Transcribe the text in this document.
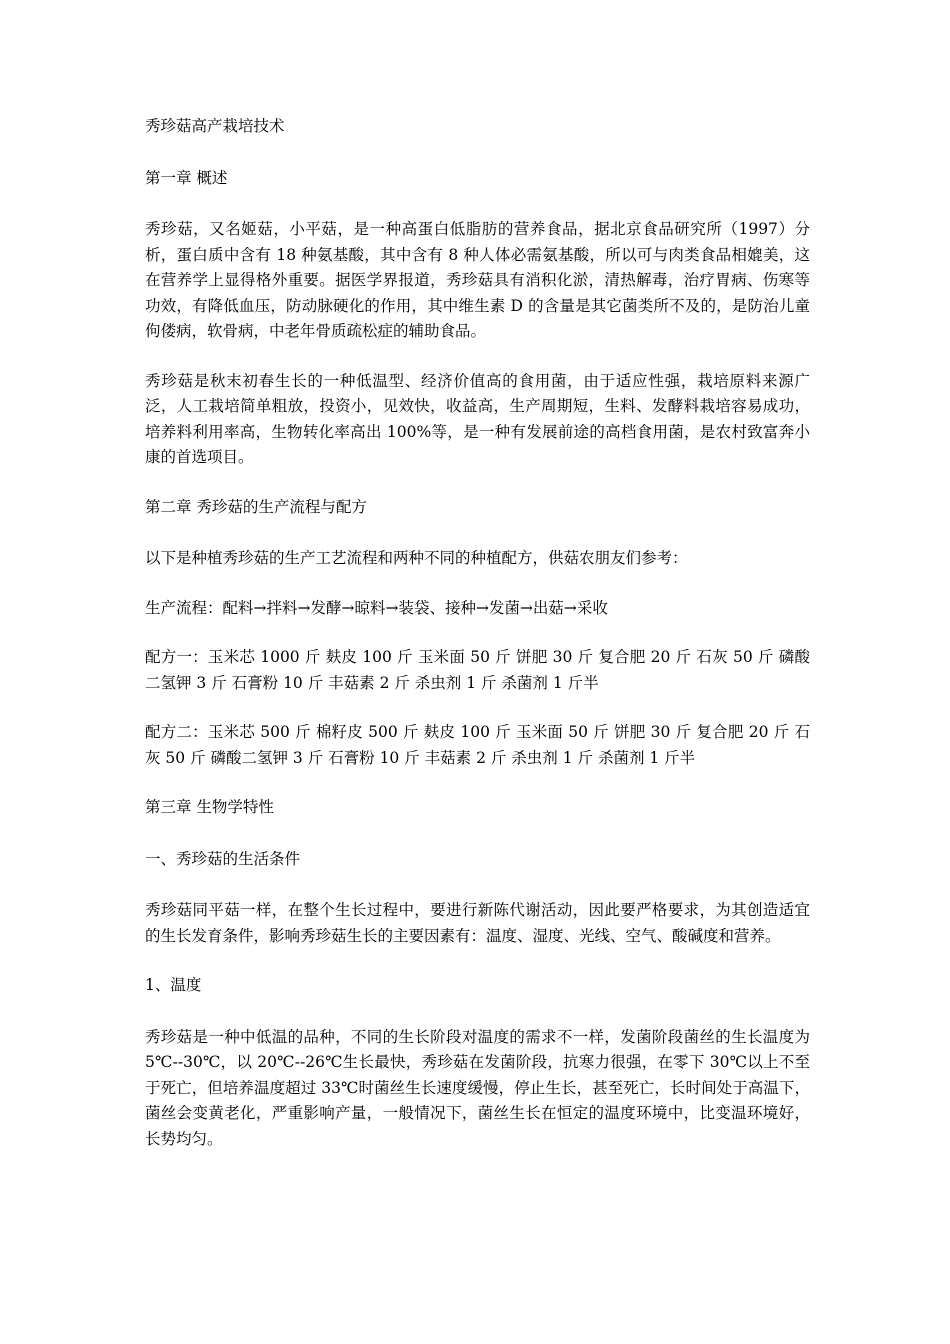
秀珍菇高产栽培技术

第一章 概述

秀珍菇，又名姬菇，小平菇，是一种高蛋白低脂肪的营养食品，据北京食品研究所（1997）分析，蛋白质中含有 18 种氨基酸，其中含有 8 种人体必需氨基酸，所以可与肉类食品相媲美，这在营养学上显得格外重要。据医学界报道，秀珍菇具有消积化淤，清热解毒，治疗胃病、伤寒等功效，有降低血压，防动脉硬化的作用，其中维生素 D 的含量是其它菌类所不及的，是防治儿童佝偻病，软骨病，中老年骨质疏松症的辅助食品。

秀珍菇是秋末初春生长的一种低温型、经济价值高的食用菌，由于适应性强，栽培原料来源广泛，人工栽培简单粗放，投资小，见效快，收益高，生产周期短，生料、发酵料栽培容易成功，培养料利用率高，生物转化率高出 100%等，是一种有发展前途的高档食用菌，是农村致富奔小康的首选项目。

第二章 秀珍菇的生产流程与配方

以下是种植秀珍菇的生产工艺流程和两种不同的种植配方，供菇农朋友们参考：

生产流程：配料→拌料→发酵→晾料→装袋、接种→发菌→出菇→采收

配方一：玉米芯 1000 斤 麸皮 100 斤 玉米面 50 斤 饼肥 30 斤 复合肥 20 斤 石灰 50 斤 磷酸二氢钾 3 斤 石膏粉 10 斤 丰菇素 2 斤 杀虫剂 1 斤 杀菌剂 1 斤半

配方二：玉米芯 500 斤 棉籽皮 500 斤 麸皮 100 斤 玉米面 50 斤 饼肥 30 斤 复合肥 20 斤 石灰 50 斤 磷酸二氢钾 3 斤 石膏粉 10 斤 丰菇素 2 斤 杀虫剂 1 斤 杀菌剂 1 斤半

第三章 生物学特性

一、秀珍菇的生活条件

秀珍菇同平菇一样，在整个生长过程中，要进行新陈代谢活动，因此要严格要求，为其创造适宜的生长发育条件，影响秀珍菇生长的主要因素有：温度、湿度、光线、空气、酸碱度和营养。

1、温度

秀珍菇是一种中低温的品种，不同的生长阶段对温度的需求不一样，发菌阶段菌丝的生长温度为 5℃--30℃，以 20℃--26℃生长最快，秀珍菇在发菌阶段，抗寒力很强，在零下 30℃以上不至于死亡，但培养温度超过 33℃时菌丝生长速度缓慢，停止生长，甚至死亡，长时间处于高温下，菌丝会变黄老化，严重影响产量，一般情况下，菌丝生长在恒定的温度环境中，比变温环境好，长势均匀。
